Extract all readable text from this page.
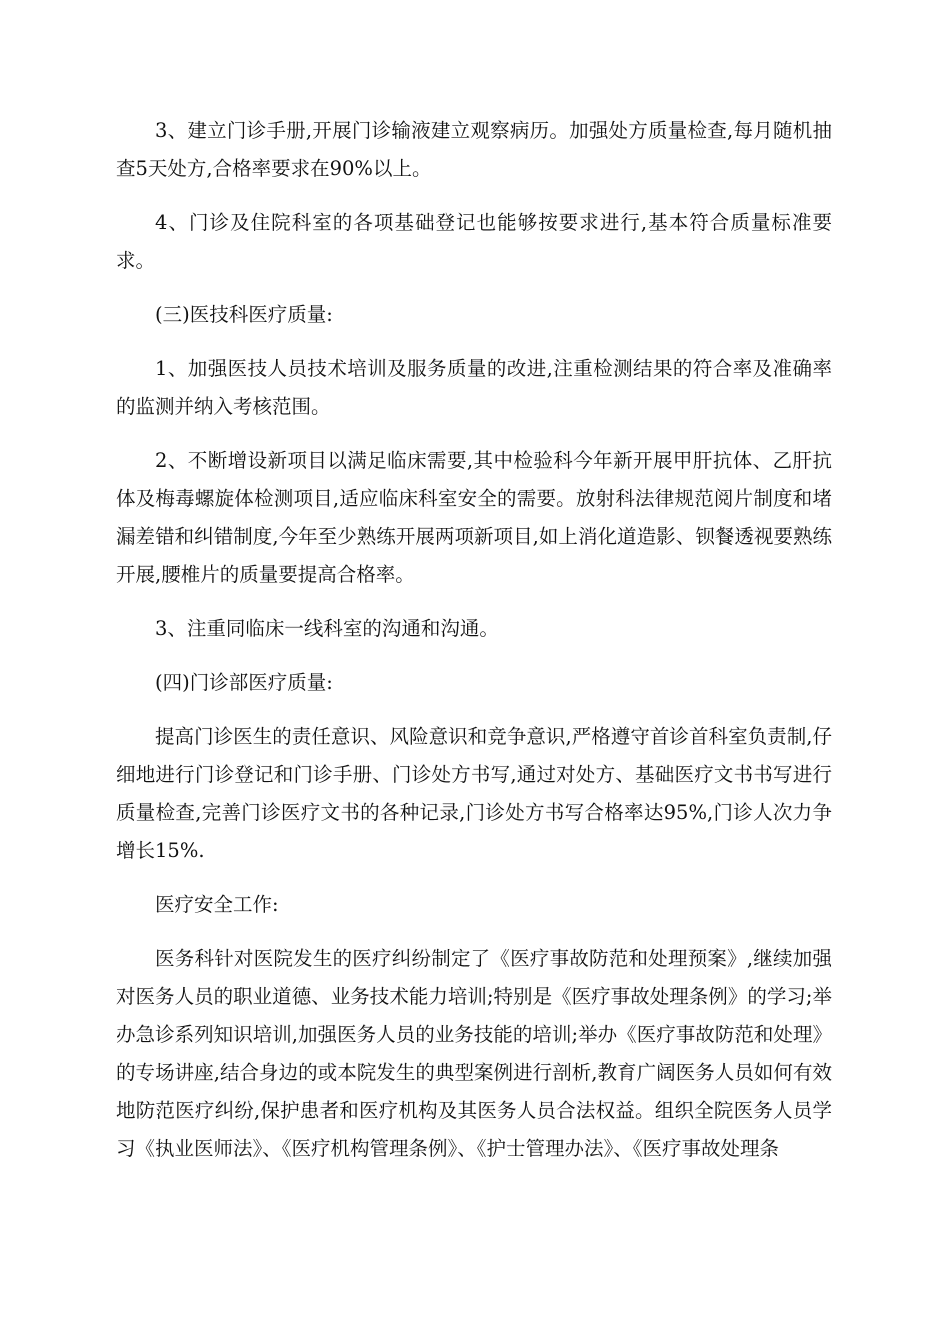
3、建立门诊手册,开展门诊输液建立观察病历。加强处方质量检查,每月随机抽查5天处方,合格率要求在90%以上。

4、门诊及住院科室的各项基础登记也能够按要求进行,基本符合质量标准要求。

(三)医技科医疗质量:

1、加强医技人员技术培训及服务质量的改进,注重检测结果的符合率及准确率的监测并纳入考核范围。

2、不断增设新项目以满足临床需要,其中检验科今年新开展甲肝抗体、乙肝抗体及梅毒螺旋体检测项目,适应临床科室安全的需要。放射科法律规范阅片制度和堵漏差错和纠错制度,今年至少熟练开展两项新项目,如上消化道造影、钡餐透视要熟练开展,腰椎片的质量要提高合格率。

3、注重同临床一线科室的沟通和沟通。

(四)门诊部医疗质量:

提高门诊医生的责任意识、风险意识和竞争意识,严格遵守首诊首科室负责制,仔细地进行门诊登记和门诊手册、门诊处方书写,通过对处方、基础医疗文书书写进行质量检查,完善门诊医疗文书的各种记录,门诊处方书写合格率达95%,门诊人次力争增长15%.

医疗安全工作:

医务科针对医院发生的医疗纠纷制定了《医疗事故防范和处理预案》,继续加强对医务人员的职业道德、业务技术能力培训;特别是《医疗事故处理条例》的学习;举办急诊系列知识培训,加强医务人员的业务技能的培训;举办《医疗事故防范和处理》的专场讲座,结合身边的或本院发生的典型案例进行剖析,教育广阔医务人员如何有效地防范医疗纠纷,保护患者和医疗机构及其医务人员合法权益。组织全院医务人员学习《执业医师法》、《医疗机构管理条例》、《护士管理办法》、《医疗事故处理条
